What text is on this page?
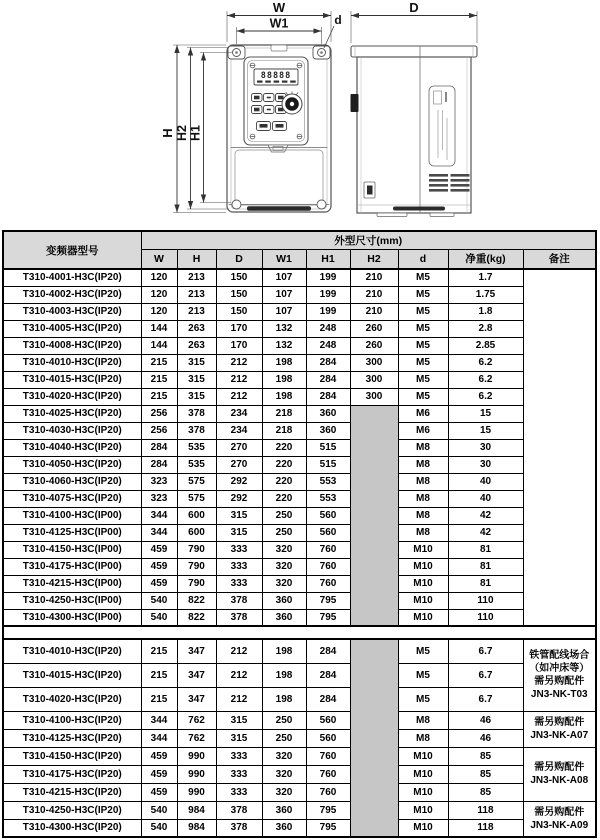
88888
W
W1	d
H H2 H1
D
变频器型号	外型尺寸(mm)								
	W	H	D	W1	H1	H2	d	净重(kg)	备注
T310-4001-H3C(IP20)	120	213	150	107	199	210	M5	1.7	
T310-4002-H3C(IP20)	120	213	150	107	199	210	M5	1.75	
T310-4003-H3C(IP20)	120	213	150	107	199	210	M5	1.8	
T310-4005-H3C(IP20)	144	263	170	132	248	260	M5	2.8	
T310-4008-H3C(IP20)	144	263	170	132	248	260	M5	2.85	
T310-4010-H3C(IP20)	215	315	212	198	284	300	M5	6.2	
T310-4015-H3C(IP20)	215	315	212	198	284	300	M5	6.2	
T310-4020-H3C(IP20)	215	315	212	198	284	300	M5	6.2	
T310-4025-H3C(IP20)	256	378	234	218	360		M6	15	
T310-4030-H3C(IP20)	256	378	234	218	360		M6	15	
T310-4040-H3C(IP20)	284	535	270	220	515		M8	30	
T310-4050-H3C(IP20)	284	535	270	220	515		M8	30	
T310-4060-H3C(IP20)	323	575	292	220	553		M8	40	
T310-4075-H3C(IP20)	323	575	292	220	553		M8	40	
T310-4100-H3C(IP00)	344	600	315	250	560		M8	42	
T310-4125-H3C(IP00)	344	600	315	250	560		M8	42	
T310-4150-H3C(IP00)	459	790	333	320	760		M10	81	
T310-4175-H3C(IP00)	459	790	333	320	760		M10	81	
T310-4215-H3C(IP00)	459	790	333	320	760		M10	81	
T310-4250-H3C(IP00)	540	822	378	360	795		M10	110	
T310-4300-H3C(IP00)	540	822	378	360	795		M10	110	

T310-4010-H3C(IP20)	215	347	212	198	284		M5	6.7	铁管配线场合
（如冲床等）
需另购配件
JN3-NK-T03

T310-4015-H3C(IP20)	215	347	212	198	284		M5	6.7	
T310-4020-H3C(IP20)	215	347	212	198	284		M5	6.7	
T310-4100-H3C(IP20)	344	762	315	250	560		M8	46	需另购配件
JN3-NK-A07

T310-4125-H3C(IP20)	344	762	315	250	560		M8	46	
T310-4150-H3C(IP20)	459	990	333	320	760		M10	85	需另购配件
JN3-NK-A08

T310-4175-H3C(IP20)	459	990	333	320	760		M10	85	
T310-4215-H3C(IP20)	459	990	333	320	760		M10	85	
T310-4250-H3C(IP20)	540	984	378	360	795		M10	118	需另购配件
JN3-NK-A09

T310-4300-H3C(IP20)	540	984	378	360	795		M10	118	
